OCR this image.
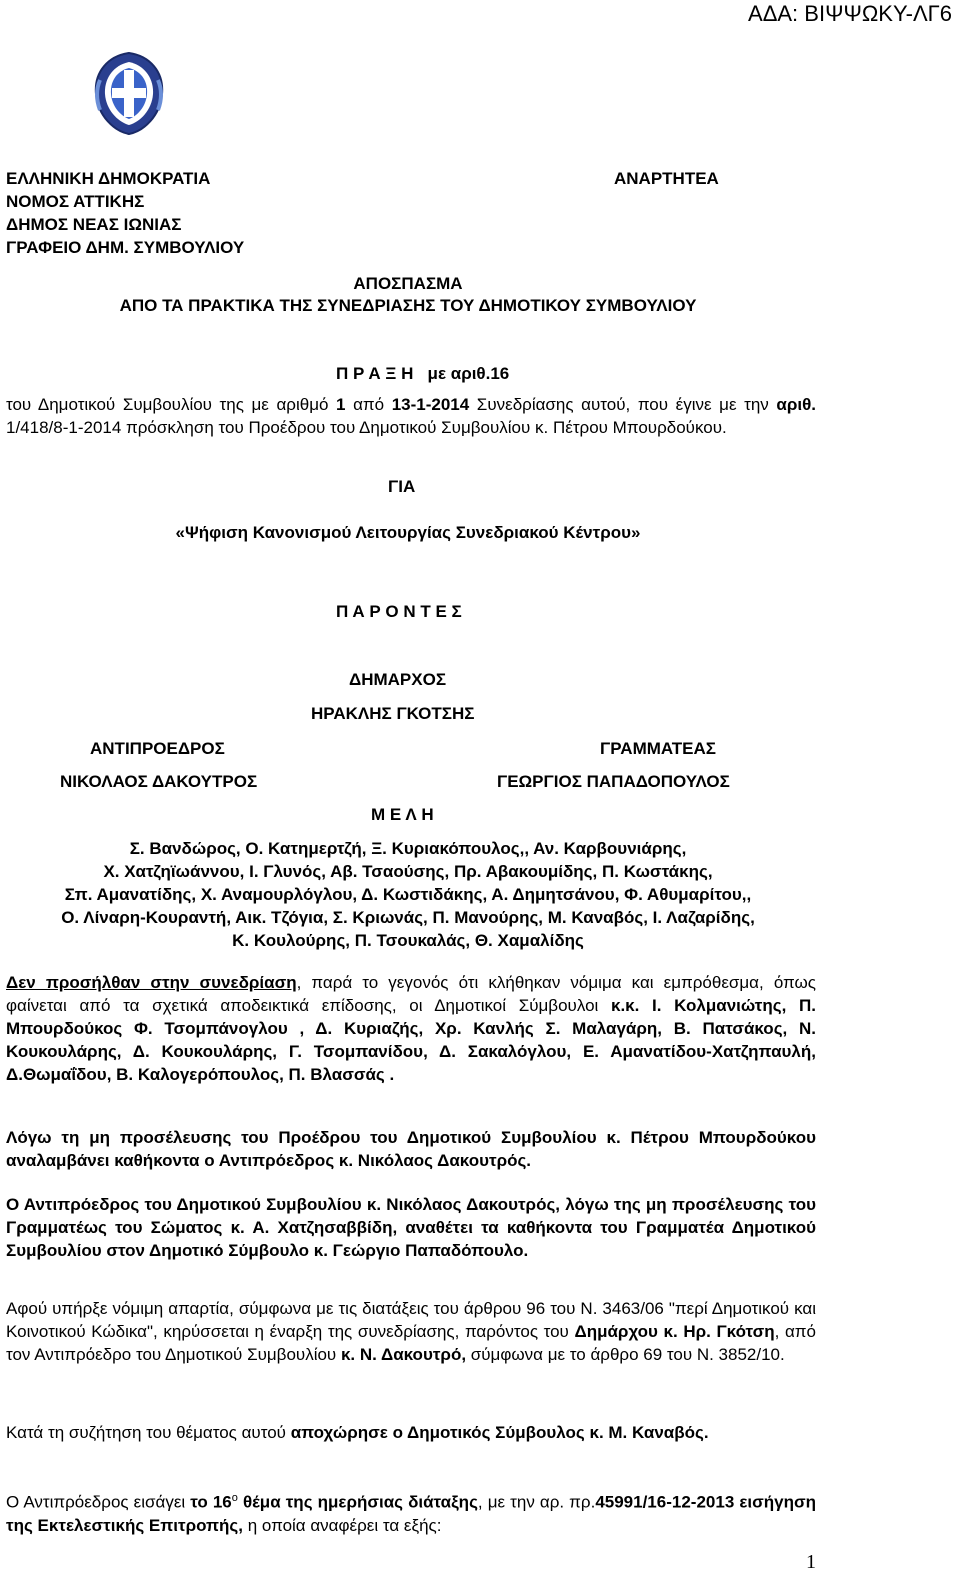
ΑΔΑ: ΒΙΨΨΩΚΥ-ΛΓ6
ΕΛΛΗΝΙΚΗ ΔΗΜΟΚΡΑΤΙΑ
ΝΟΜΟΣ ΑΤΤΙΚΗΣ
ΔΗΜΟΣ ΝΕΑΣ ΙΩΝΙΑΣ
ΓΡΑΦΕΙΟ ΔΗΜ. ΣΥΜΒΟΥΛΙΟΥ
ΑΝΑΡΤΗΤΕΑ
ΑΠΟΣΠΑΣΜΑ
ΑΠΟ ΤΑ ΠΡΑΚΤΙΚΑ ΤΗΣ ΣΥΝΕΔΡΙΑΣΗΣ ΤΟΥ ΔΗΜΟΤΙΚΟΥ ΣΥΜΒΟΥΛΙΟΥ
Π Ρ Α Ξ Η με αριθ.16
του Δημοτικού Συμβουλίου της με αριθμό 1 από 13-1-2014 Συνεδρίασης αυτού, που έγινε με την αριθ. 1/418/8-1-2014 πρόσκληση του Προέδρου του Δημοτικού Συμβουλίου κ. Πέτρου Μπουρδούκου.
ΓΙΑ
«Ψήφιση Κανονισμού Λειτουργίας Συνεδριακού Κέντρου»
Π Α Ρ Ο Ν Τ Ε Σ
ΔΗΜΑΡΧΟΣ
ΗΡΑΚΛΗΣ ΓΚΟΤΣΗΣ
ΑΝΤΙΠΡΟΕΔΡΟΣ	ΓΡΑΜΜΑΤΕΑΣ
ΝΙΚΟΛΑΟΣ ΔΑΚΟΥΤΡΟΣ	ΓΕΩΡΓΙΟΣ ΠΑΠΑΔΟΠΟΥΛΟΣ
Μ Ε Λ Η
Σ. Βανδώρος, Ο. Κατημερτζή, Ξ. Κυριακόπουλος,, Αν. Καρβουνιάρης,
Χ. Χατζηϊωάννου, Ι. Γλυνός, Αβ. Τσαούσης, Πρ. Αβακουμίδης, Π. Κωστάκης,
Σπ. Αμανατίδης, Χ. Αναμουρλόγλου, Δ. Κωστιδάκης, Α. Δημητσάνου, Φ. Αθυμαρίτου,,
Ο. Λίναρη-Κουραντή, Αικ. Τζόγια, Σ. Κριωνάς, Π. Μανούρης, Μ. Καναβός, Ι. Λαζαρίδης,
Κ. Κουλούρης, Π. Τσουκαλάς, Θ. Χαμαλίδης
Δεν προσήλθαν στην συνεδρίαση, παρά το γεγονός ότι κλήθηκαν νόμιμα και εμπρόθεσμα, όπως φαίνεται από τα σχετικά αποδεικτικά επίδοσης, οι Δημοτικοί Σύμβουλοι κ.κ. Ι. Κολμανιώτης, Π. Μπουρδούκος Φ. Τσομπάνογλου , Δ. Κυριαζής, Χρ. Κανλής Σ. Μαλαγάρη, Β. Πατσάκος, Ν. Κουκουλάρης, Δ. Κουκουλάρης, Γ. Τσομπανίδου, Δ. Σακαλόγλου, Ε. Αμανατίδου-Χατζηπαυλή, Δ.Θωμαΐδου, Β. Καλογερόπουλος, Π. Βλασσάς .
Λόγω τη μη προσέλευσης του Προέδρου του Δημοτικού Συμβουλίου κ. Πέτρου Μπουρδούκου αναλαμβάνει καθήκοντα ο Αντιπρόεδρος κ. Νικόλαος Δακουτρός.
Ο Αντιπρόεδρος του Δημοτικού Συμβουλίου κ. Νικόλαος Δακουτρός, λόγω της μη προσέλευσης του Γραμματέως του Σώματος κ. Α. Χατζησαββίδη, αναθέτει τα καθήκοντα του Γραμματέα Δημοτικού Συμβουλίου στον Δημοτικό Σύμβουλο κ. Γεώργιο Παπαδόπουλο.
Αφού υπήρξε νόμιμη απαρτία, σύμφωνα με τις διατάξεις του άρθρου 96 του Ν. 3463/06 "περί Δημοτικού και Κοινοτικού Κώδικα", κηρύσσεται η έναρξη της συνεδρίασης, παρόντος του Δημάρχου κ. Ηρ. Γκότση, από τον Αντιπρόεδρο του Δημοτικού Συμβουλίου κ. Ν. Δακουτρό, σύμφωνα με το άρθρο 69 του Ν. 3852/10.
Κατά τη συζήτηση του θέματος αυτού αποχώρησε ο Δημοτικός Σύμβουλος κ. Μ. Καναβός.
Ο Αντιπρόεδρος εισάγει το $16^o$ θέμα της ημερήσιας διάταξης, με την αρ. πρ.45991/16-12-2013 εισήγηση της Εκτελεστικής Επιτροπής, η οποία αναφέρει τα εξής:
1
